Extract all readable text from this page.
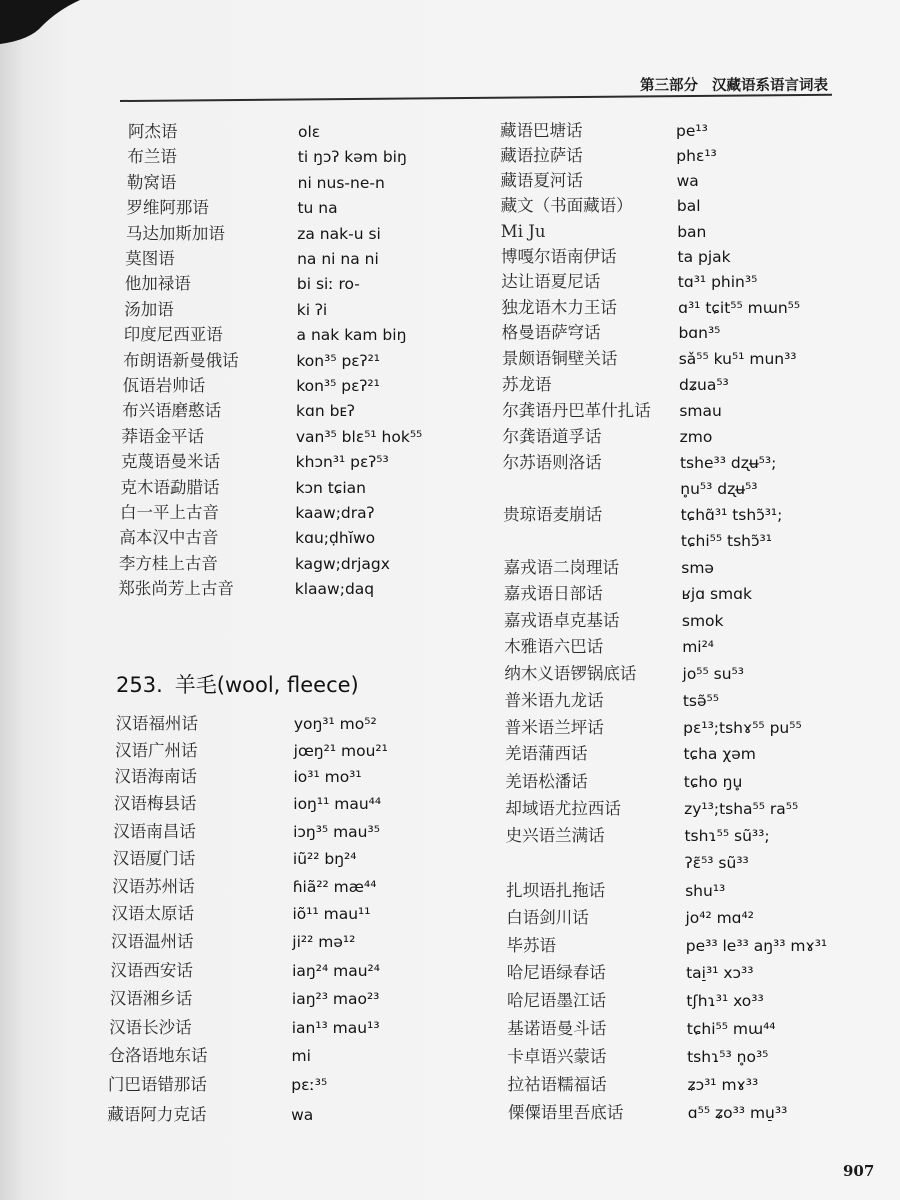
第三部分 汉藏语系语言词表
253. 羊毛(wool, fleece)
阿杰语	olɛ
布兰语	ti ŋɔʔ kəm biŋ
勒窝语	ni nus-ne-n
罗维阿那语	tu na
马达加斯加语	za nak-u si
莫图语	na ni na ni
他加禄语	bi siː ro-
汤加语	ki ʔi
印度尼西亚语	a nak kam biŋ
布朗语新曼俄话	kon³⁵ pɛʔ²¹
佤语岩帅话	kon³⁵ pɛʔ²¹
布兴语磨憨话	kɑn bᴇʔ
莽语金平话	van³⁵ blɛ⁵¹ hok⁵⁵
克蔑语曼米话	khɔn³¹ pɛʔ⁵³
克木语勐腊话	kɔn tɕian
白一平上古音	kaaw;draʔ
高本汉中古音	kɑu;ḍhĭwo
李方桂上古音	kagw;drjagx
郑张尚芳上古音	klaaw;daq
汉语福州话	yoŋ³¹ mo⁵²
汉语广州话	jœŋ²¹ mou²¹
汉语海南话	io³¹ mo³¹
汉语梅县话	ioŋ¹¹ mau⁴⁴
汉语南昌话	iɔŋ³⁵ mau³⁵
汉语厦门话	iũ²² bŋ²⁴
汉语苏州话	ɦiã²² mæ⁴⁴
汉语太原话	iõ¹¹ mau¹¹
汉语温州话	ji²² mə¹²
汉语西安话	iaŋ²⁴ mau²⁴
汉语湘乡话	iaŋ²³ mao²³
汉语长沙话	ian¹³ mau¹³
仓洛语地东话	mi
门巴语错那话	pɛː³⁵
藏语阿力克话	wa
藏语巴塘话	pe¹³
藏语拉萨话	phɛ¹³
藏语夏河话	wa
藏文（书面藏语）	bal
Mi Ju	ban
博嘎尔语南伊话	ta pjak
达让语夏尼话	tɑ³¹ phin³⁵
独龙语木力王话	ɑ³¹ tɕit⁵⁵ mɯn⁵⁵
格曼语萨穹话	bɑn³⁵
景颇语铜壁关话	sǎ⁵⁵ ku⁵¹ mun³³
苏龙语	dʑua⁵³
尔龚语丹巴革什扎话 smau
尔龚语道孚话	zmo
尔苏语则洛话	tshe³³ dʐʉ⁵³;
n̥u⁵³ dʐʉ⁵³
贵琼语麦崩话	tɕhɑ̃³¹ tshɔ̃³¹;
tɕhi⁵⁵ tshɔ̃³¹
嘉戎语二岗理话	smə
嘉戎语日部话	ʁjɑ smɑk
嘉戎语卓克基话	smok
木雅语六巴话	mi²⁴
纳木义语锣锅底话	jo⁵⁵ su⁵³
普米语九龙话	tsə̃⁵⁵
普米语兰坪话	pɛ¹³;tshɤ⁵⁵ pu⁵⁵
羌语蒲西话	tɕha χəm
羌语松潘话	tɕho ŋu̥
却域语尤拉西话	zy¹³;tsha⁵⁵ ra⁵⁵
史兴语兰满话	tshɿ⁵⁵ sũ³³;
ʔɛ̃⁵³ sũ³³
扎坝语扎拖话	shu¹³
白语剑川话	jo⁴² mɑ⁴²
毕苏语	pe³³ le³³ aŋ³³ mɤ³¹
哈尼语绿春话	tai̠³¹ xɔ³³
哈尼语墨江话	tʃhɿ³¹ xo³³
基诺语曼斗话	tɕhi⁵⁵ mɯ⁴⁴
卡卓语兴蒙话	tshɿ⁵³ n̥o³⁵
拉祜语糯福话	ʑɔ³¹ mɤ³³
傈僳语里吾底话	ɑ⁵⁵ ʑo³³ mu̠³³
907
